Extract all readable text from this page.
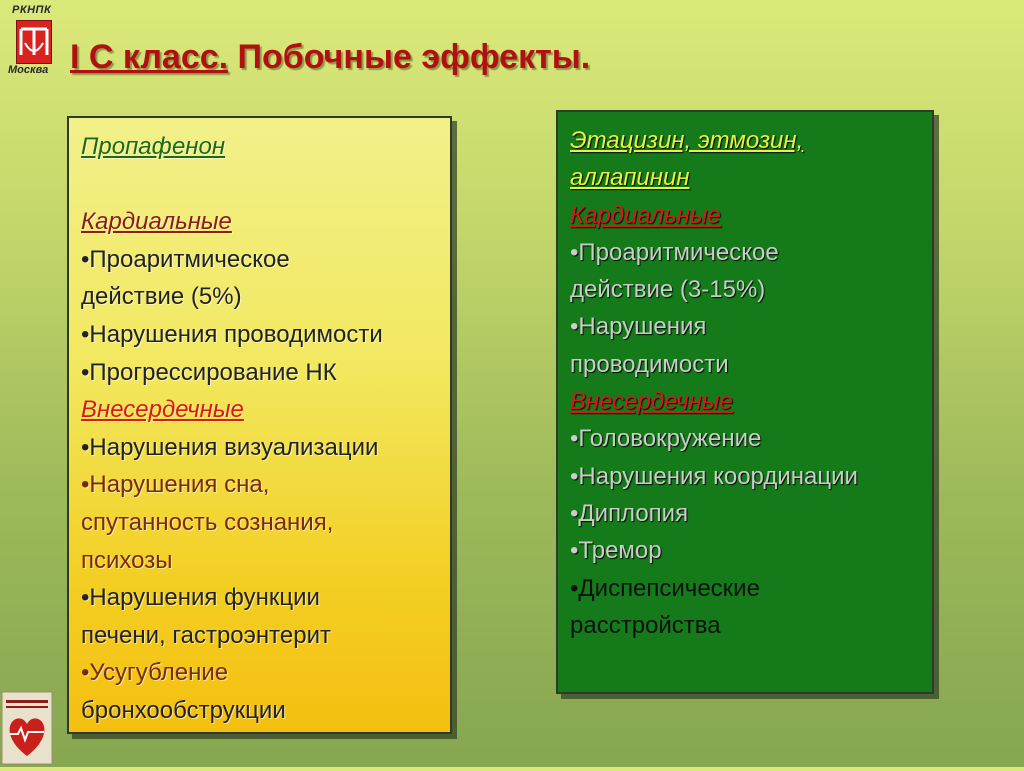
РКНПК
Москва I С класс. Побочные эффекты.

Пропафенон

Кардиальные

•Проаритмическое

действие (5%)

•Нарушения проводимости

•Прогрессирование НК

Внесердечные

•Нарушения визуализации

•Нарушения сна,

спутанность сознания,

психозы

•Нарушения функции

печени, гастроэнтерит

•Усугубление

бронхообструкции

Этацизин, этмозин,

аллапинин

Кардиальные

•Проаритмическое

действие (3-15%)

•Нарушения

проводимости

Внесердечные

•Головокружение

•Нарушения координации

•Диплопия

•Тремор

•Диспепсические

расстройства
